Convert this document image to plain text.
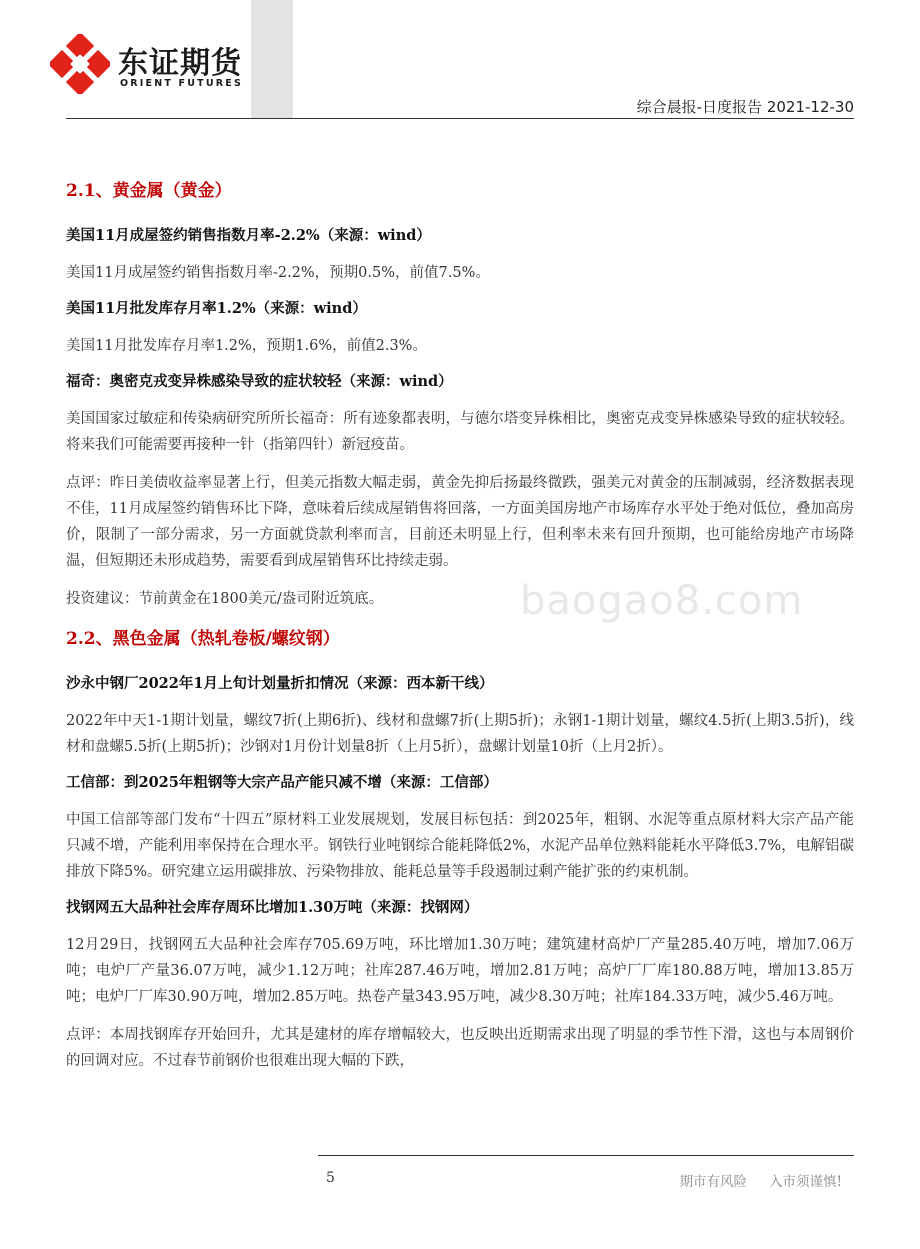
东证期货
ORIENT FUTURES
综合晨报-日度报告 2021-12-30
baogao8.com
2.1、黄金属（黄金）
美国11月成屋签约销售指数月率-2.2%（来源：wind）
美国11月成屋签约销售指数月率-2.2%，预期0.5%，前值7.5%。
美国11月批发库存月率1.2%（来源：wind）
美国11月批发库存月率1.2%，预期1.6%，前值2.3%。
福奇：奥密克戎变异株感染导致的症状较轻（来源：wind）
美国国家过敏症和传染病研究所所长福奇：所有迹象都表明，与德尔塔变异株相比，奥密克戎变异株感染导致的症状较轻。将来我们可能需要再接种一针（指第四针）新冠疫苗。
点评：昨日美债收益率显著上行，但美元指数大幅走弱，黄金先抑后扬最终微跌，强美元对黄金的压制减弱，经济数据表现不佳，11月成屋签约销售环比下降，意味着后续成屋销售将回落，一方面美国房地产市场库存水平处于绝对低位，叠加高房价，限制了一部分需求，另一方面就贷款利率而言，目前还未明显上行，但利率未来有回升预期，也可能给房地产市场降温，但短期还未形成趋势，需要看到成屋销售环比持续走弱。
投资建议：节前黄金在1800美元/盎司附近筑底。
2.2、黑色金属（热轧卷板/螺纹钢）
沙永中钢厂2022年1月上旬计划量折扣情况（来源：西本新干线）
2022年中天1-1期计划量，螺纹7折(上期6折)、线材和盘螺7折(上期5折)；永钢1-1期计划量，螺纹4.5折(上期3.5折)，线材和盘螺5.5折(上期5折)；沙钢对1月份计划量8折（上月5折），盘螺计划量10折（上月2折）。
工信部：到2025年粗钢等大宗产品产能只减不增（来源：工信部）
中国工信部等部门发布“十四五”原材料工业发展规划，发展目标包括：到2025年，粗钢、水泥等重点原材料大宗产品产能只减不增，产能利用率保持在合理水平。钢铁行业吨钢综合能耗降低2%，水泥产品单位熟料能耗水平降低3.7%，电解铝碳排放下降5%。研究建立运用碳排放、污染物排放、能耗总量等手段遏制过剩产能扩张的约束机制。
找钢网五大品种社会库存周环比增加1.30万吨（来源：找钢网）
12月29日，找钢网五大品种社会库存705.69万吨，环比增加1.30万吨；建筑建材高炉厂产量285.40万吨，增加7.06万吨；电炉厂产量36.07万吨，减少1.12万吨；社库287.46万吨，增加2.81万吨；高炉厂厂库180.88万吨，增加13.85万吨；电炉厂厂库30.90万吨，增加2.85万吨。热卷产量343.95万吨，减少8.30万吨；社库184.33万吨，减少5.46万吨。
点评：本周找钢库存开始回升，尤其是建材的库存增幅较大，也反映出近期需求出现了明显的季节性下滑，这也与本周钢价的回调对应。不过春节前钢价也很难出现大幅的下跌，
5	期市有风险 入市须谨慎!
